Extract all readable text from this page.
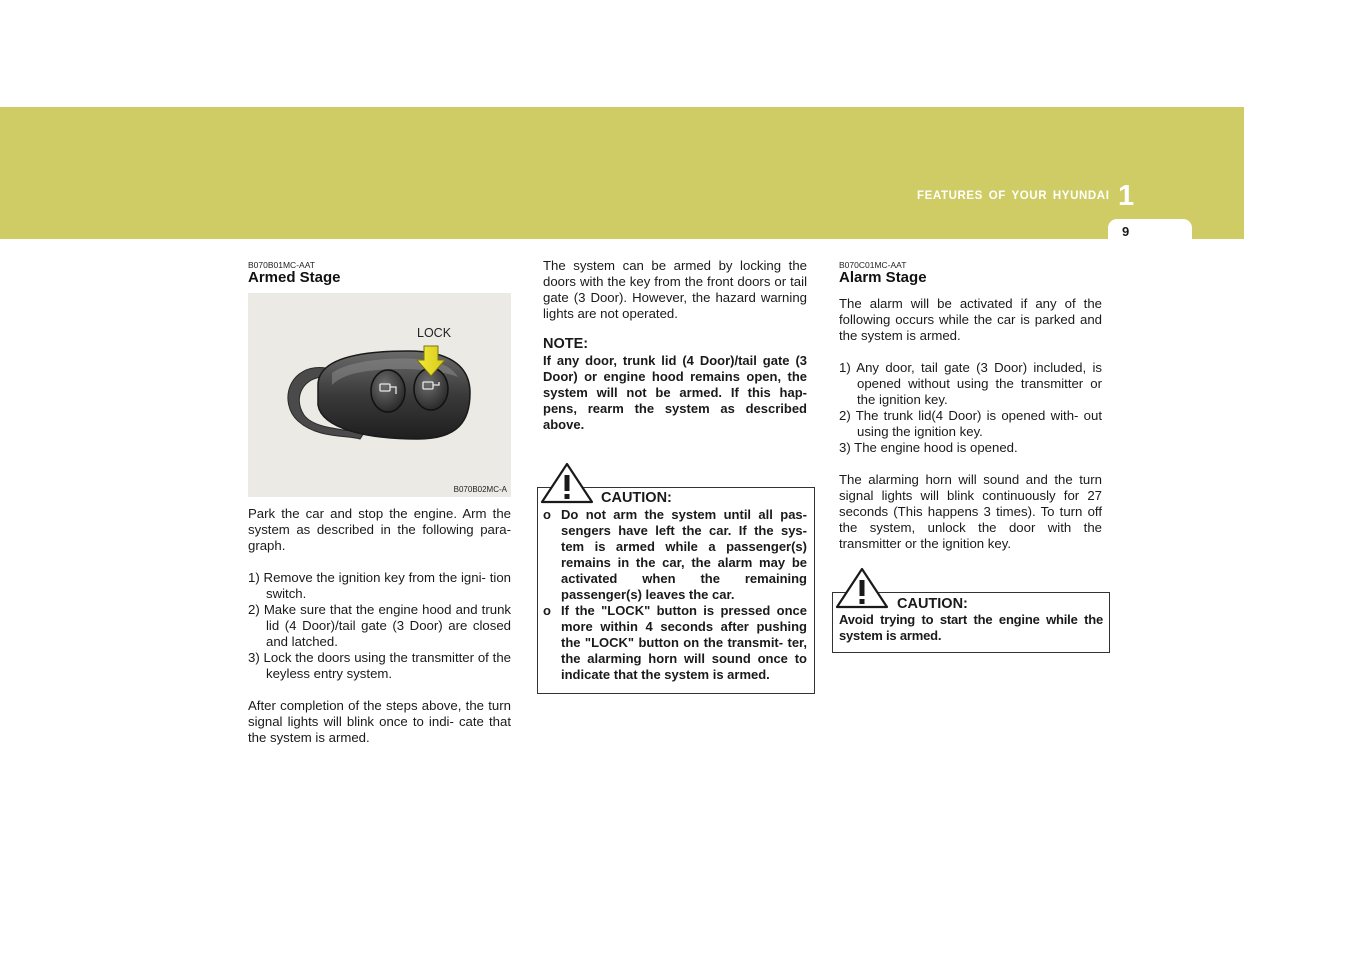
FEATURES OF YOUR HYUNDAI 1
9
B070B01MC-AAT
Armed Stage
LOCK
B070B02MC-A

Park the car and stop the engine. Arm the system as described in the following para- graph.

1) Remove the ignition key from the igni- tion switch.
2) Make sure that the engine hood and trunk lid (4 Door)/tail gate (3 Door) are closed and latched.
3) Lock the doors using the transmitter of the keyless entry system.

After completion of the steps above, the turn signal lights will blink once to indi- cate that the system is armed.

The system can be armed by locking the doors with the key from the front doors or tail gate (3 Door). However, the hazard warning lights are not operated.

NOTE:
If any door, trunk lid (4 Door)/tail gate (3 Door) or engine hood remains open, the system will not be armed. If this hap- pens, rearm the system as described above.
CAUTION:
o Do not arm the system until all pas- sengers have left the car. If the sys- tem is armed while a passenger(s) remains in the car, the alarm may be activated when the remaining passenger(s) leaves the car.
o If the "LOCK" button is pressed once more within 4 seconds after pushing the "LOCK" button on the transmit- ter, the alarming horn will sound once to indicate that the system is armed.
B070C01MC-AAT
Alarm Stage

The alarm will be activated if any of the following occurs while the car is parked and the system is armed.

1) Any door, tail gate (3 Door) included, is opened without using the transmitter or the ignition key.
2) The trunk lid(4 Door) is opened with- out using the ignition key.
3) The engine hood is opened.

The alarming horn will sound and the turn signal lights will blink continuously for 27 seconds (This happens 3 times). To turn off the system, unlock the door with the transmitter or the ignition key.

CAUTION:
Avoid trying to start the engine while the system is armed.
